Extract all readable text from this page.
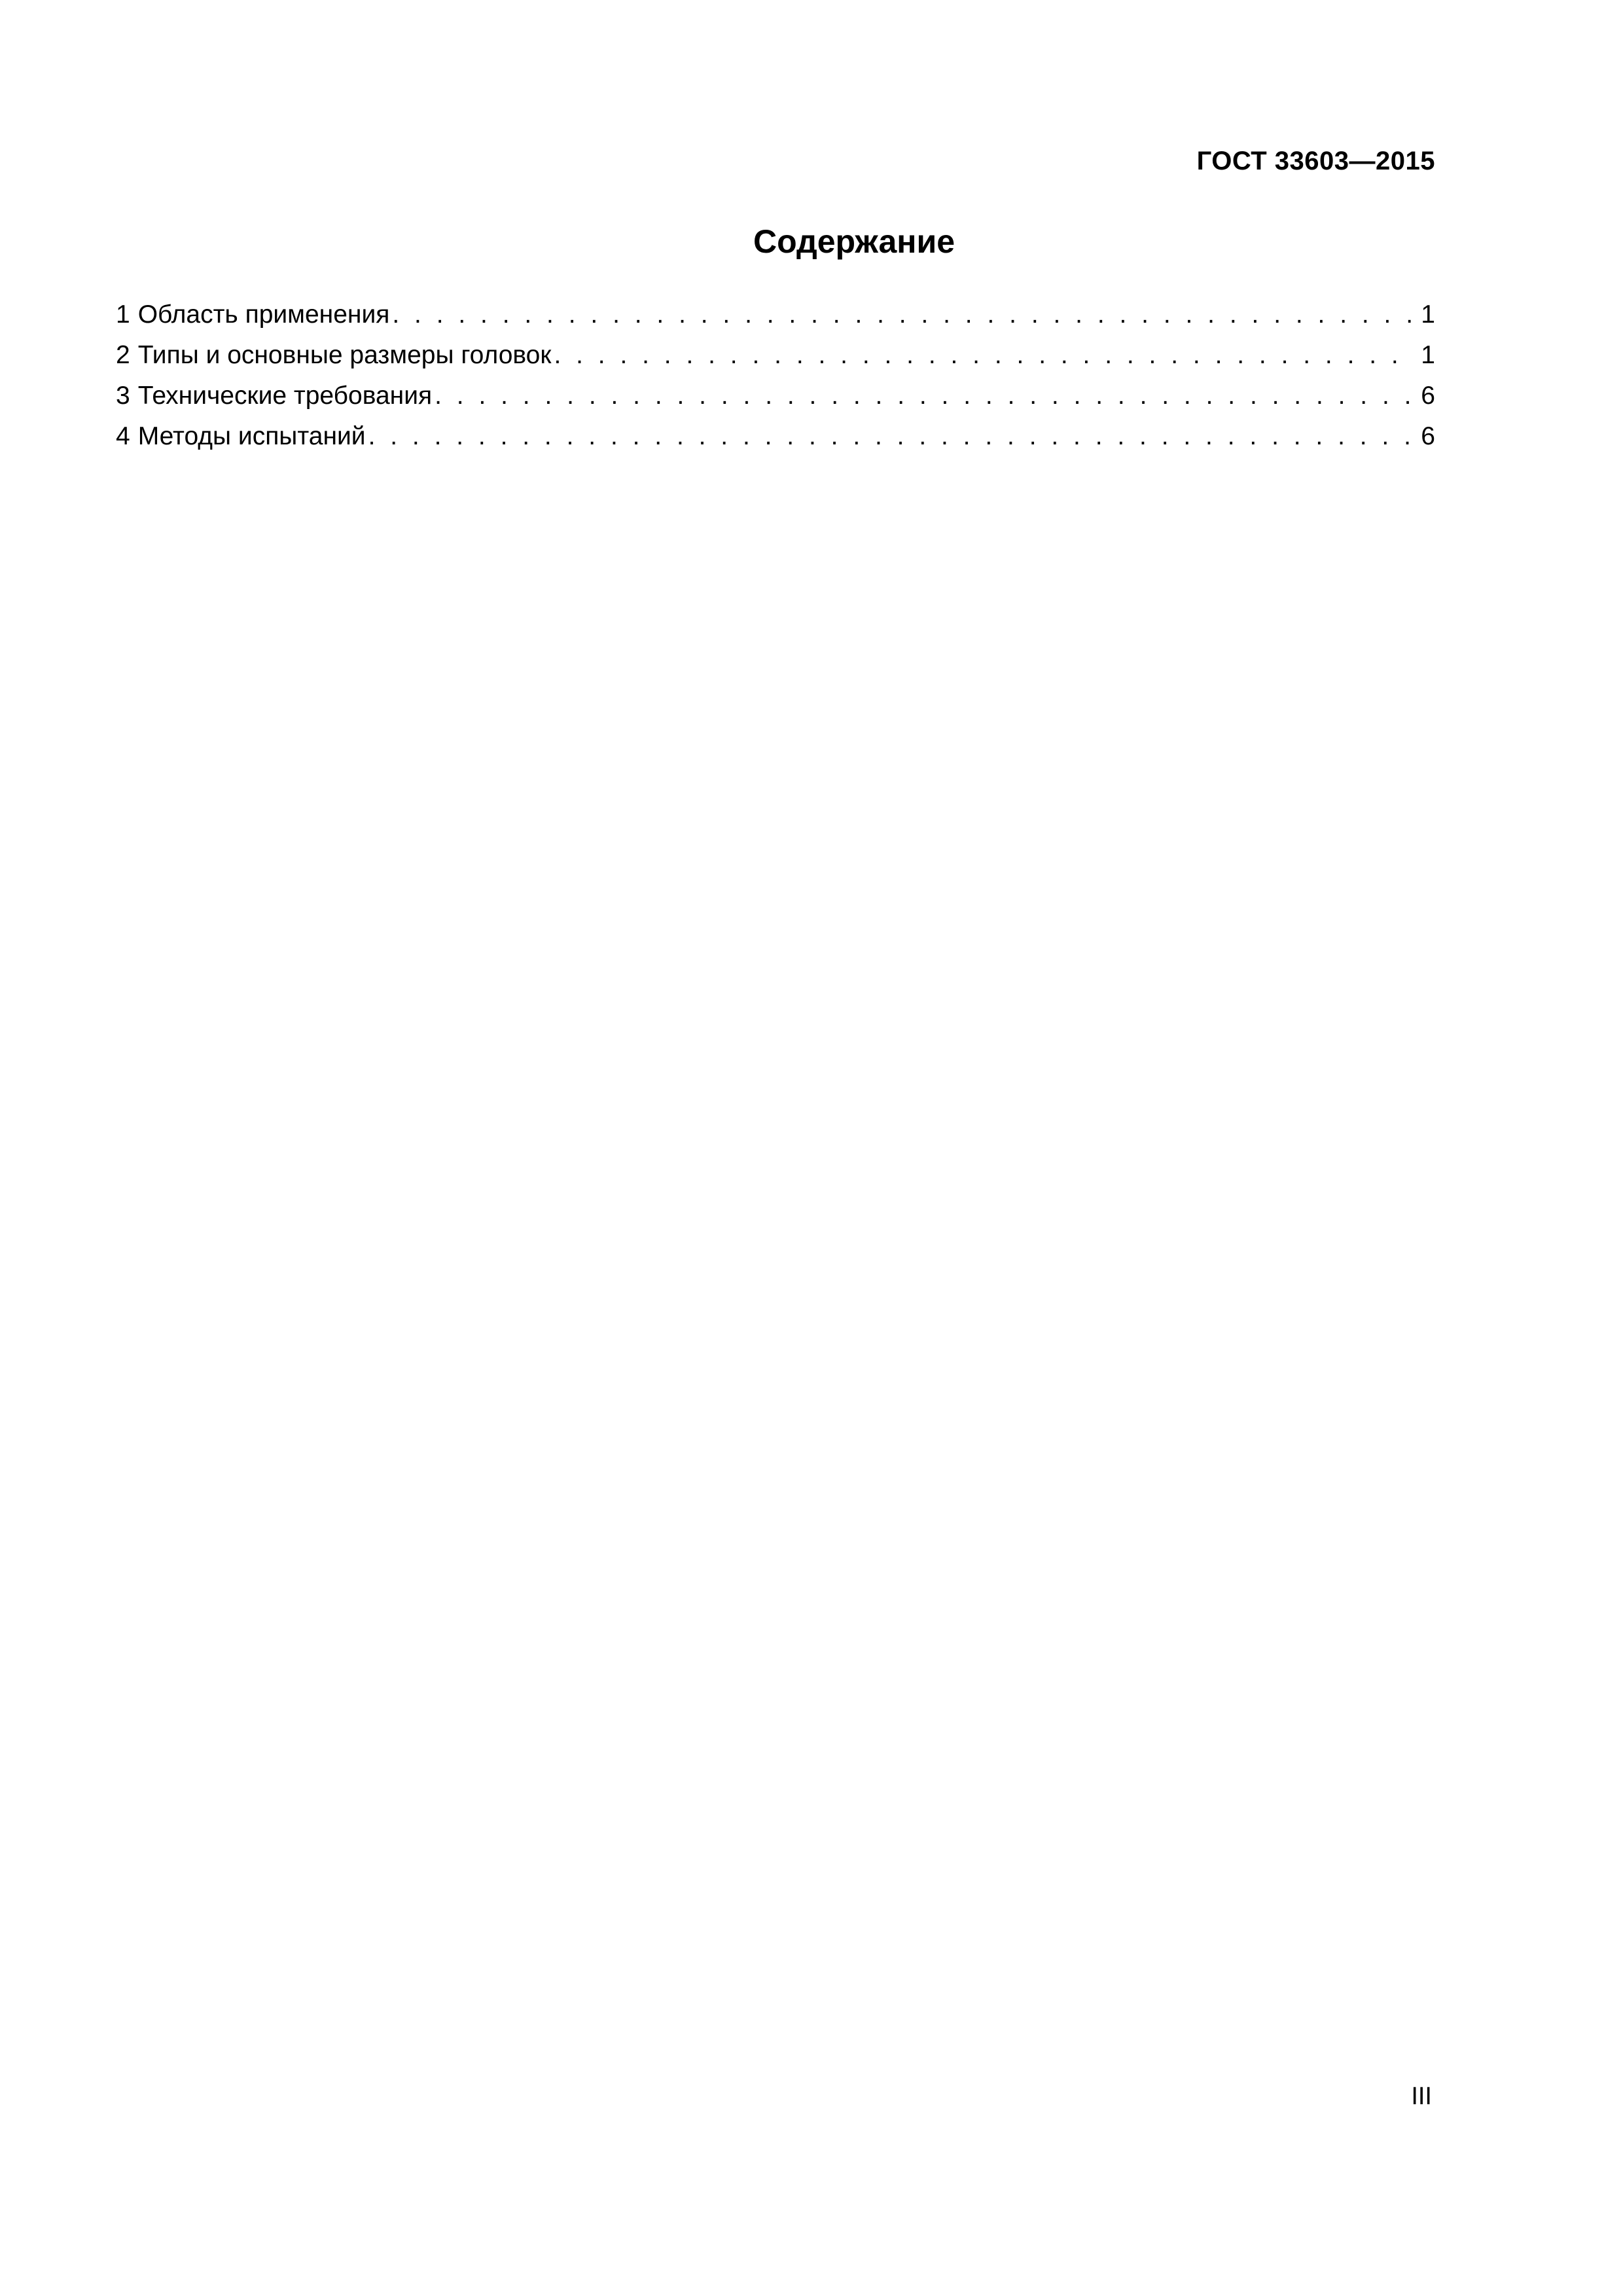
ГОСТ 33603—2015
Содержание
1 Область применения . . .	1
2 Типы и основные размеры головок . . .	1
3 Технические требования . . .	6
4 Методы испытаний . . .	6
III
